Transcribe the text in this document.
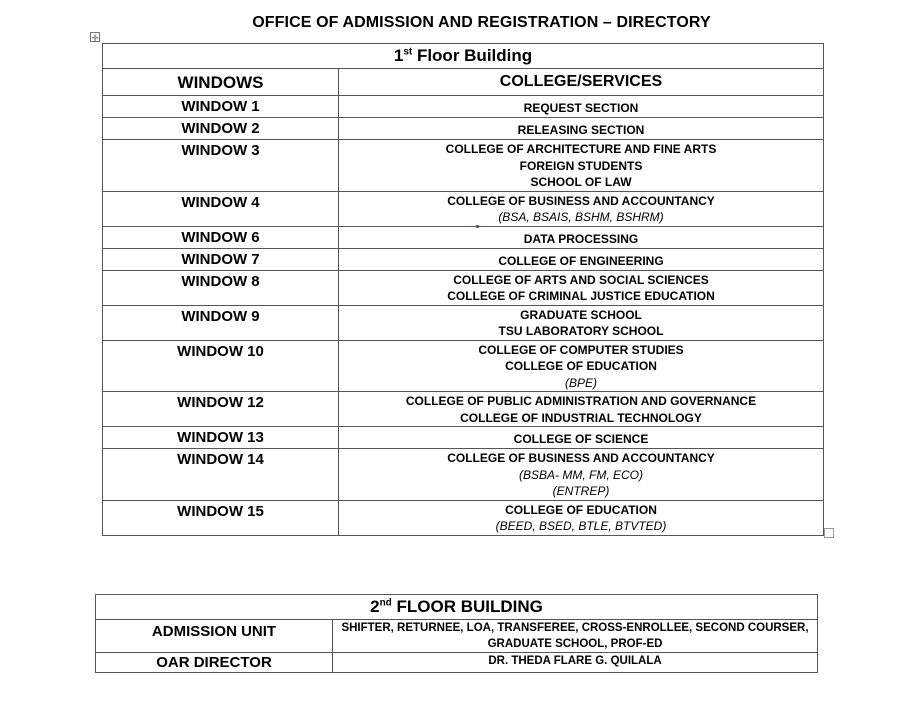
OFFICE OF ADMISSION AND REGISTRATION – DIRECTORY
✛
1st Floor Building	
WINDOWS	COLLEGE/SERVICES
WINDOW 1	REQUEST SECTION

WINDOW 2	RELEASING SECTION

WINDOW 3	COLLEGE OF ARCHITECTURE AND FINE ARTS
FOREIGN STUDENTS
SCHOOL OF LAW

WINDOW 4	COLLEGE OF BUSINESS AND ACCOUNTANCY
(BSA, BSAIS, BSHM, BSHRM)

WINDOW 6	DATA PROCESSING

WINDOW 7	COLLEGE OF ENGINEERING

WINDOW 8	COLLEGE OF ARTS AND SOCIAL SCIENCES
COLLEGE OF CRIMINAL JUSTICE EDUCATION

WINDOW 9	GRADUATE SCHOOL
TSU LABORATORY SCHOOL

WINDOW 10	COLLEGE OF COMPUTER STUDIES
COLLEGE OF EDUCATION
(BPE)

WINDOW 12	COLLEGE OF PUBLIC ADMINISTRATION AND GOVERNANCE
COLLEGE OF INDUSTRIAL TECHNOLOGY

WINDOW 13	COLLEGE OF SCIENCE

WINDOW 14	COLLEGE OF BUSINESS AND ACCOUNTANCY
(BSBA- MM, FM, ECO)
(ENTREP)

WINDOW 15	COLLEGE OF EDUCATION
(BEED, BSED, BTLE, BTVTED)
2nd FLOOR BUILDING	
ADMISSION UNIT	SHIFTER, RETURNEE, LOA, TRANSFEREE, CROSS-ENROLLEE, SECOND COURSER,
GRADUATE SCHOOL, PROF-ED

OAR DIRECTOR	DR. THEDA FLARE G. QUILALA
